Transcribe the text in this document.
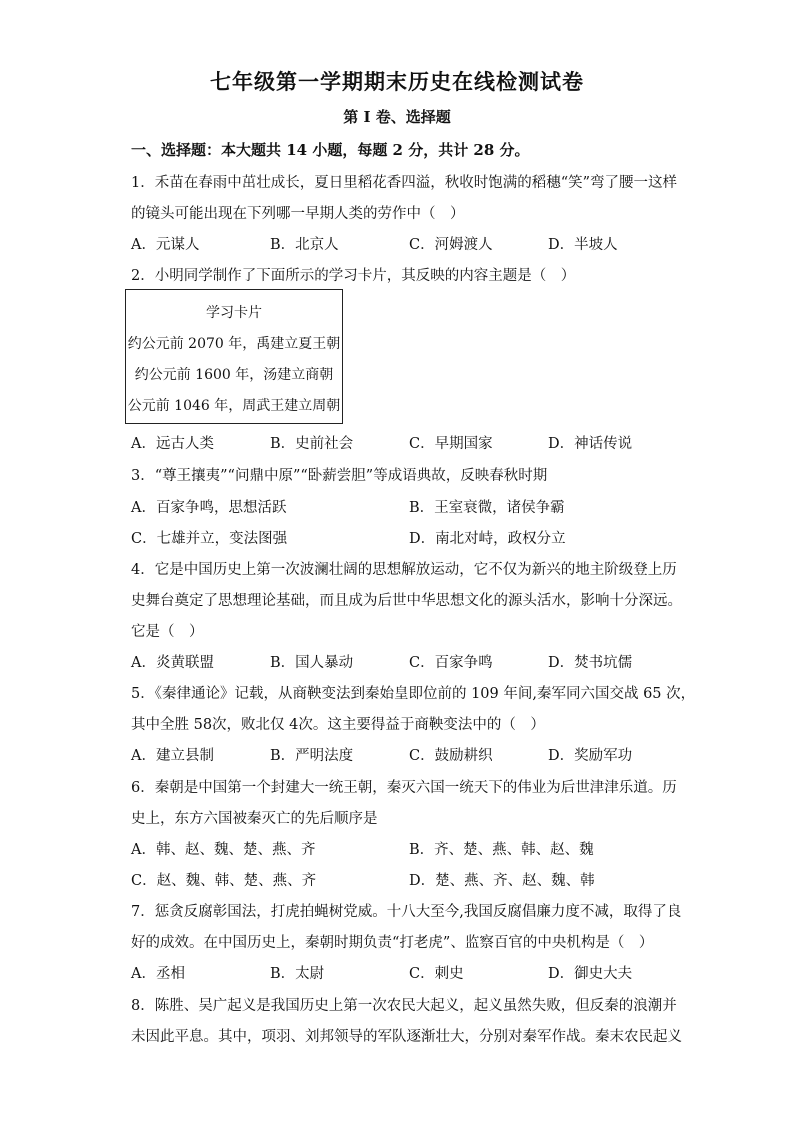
七年级第一学期期末历史在线检测试卷
第 I 卷、选择题
一、选择题：本大题共 14 小题，每题 2 分，共计 28 分。
1．禾苗在春雨中茁壮成长，夏日里稻花香四溢，秋收时饱满的稻穗“笑”弯了腰一这样
的镜头可能出现在下列哪一早期人类的劳作中（　）
A．元谋人	B．北京人	C．河姆渡人	D．半坡人
2．小明同学制作了下面所示的学习卡片，其反映的内容主题是（　）
学习卡片
约公元前 2070 年，禹建立夏王朝
约公元前 1600 年，汤建立商朝
公元前 1046 年，周武王建立周朝
A．远古人类	B．史前社会	C．早期国家	D．神话传说
3．“尊王攘夷”“问鼎中原”“卧薪尝胆”等成语典故，反映春秋时期
A．百家争鸣，思想活跃	B．王室衰微，诸侯争霸
C．七雄并立，变法图强	D．南北对峙，政权分立
4．它是中国历史上第一次波澜壮阔的思想解放运动，它不仅为新兴的地主阶级登上历
史舞台奠定了思想理论基础，而且成为后世中华思想文化的源头活水，影响十分深远。
它是（　）
A．炎黄联盟	B．国人暴动	C．百家争鸣	D．焚书坑儒
5．《秦律通论》记载，从商鞅变法到秦始皇即位前的 109 年间,秦军同六国交战 65 次，
其中全胜 58次，败北仅 4次。这主要得益于商鞅变法中的（　）
A．建立县制	B．严明法度	C．鼓励耕织	D．奖励军功
6．秦朝是中国第一个封建大一统王朝，秦灭六国一统天下的伟业为后世津津乐道。历
史上，东方六国被秦灭亡的先后顺序是
A．韩、赵、魏、楚、燕、齐	B．齐、楚、燕、韩、赵、魏
C．赵、魏、韩、楚、燕、齐	D．楚、燕、齐、赵、魏、韩
7．惩贪反腐彰国法，打虎拍蝇树党威。十八大至今,我国反腐倡廉力度不减，取得了良
好的成效。在中国历史上，秦朝时期负责“打老虎”、监察百官的中央机构是（　）
A．丞相	B．太尉	C．刺史	D．御史大夫
8．陈胜、吴广起义是我国历史上第一次农民大起义，起义虽然失败，但反秦的浪潮并
未因此平息。其中，项羽、刘邦领导的军队逐渐壮大，分别对秦军作战。秦末农民起义
